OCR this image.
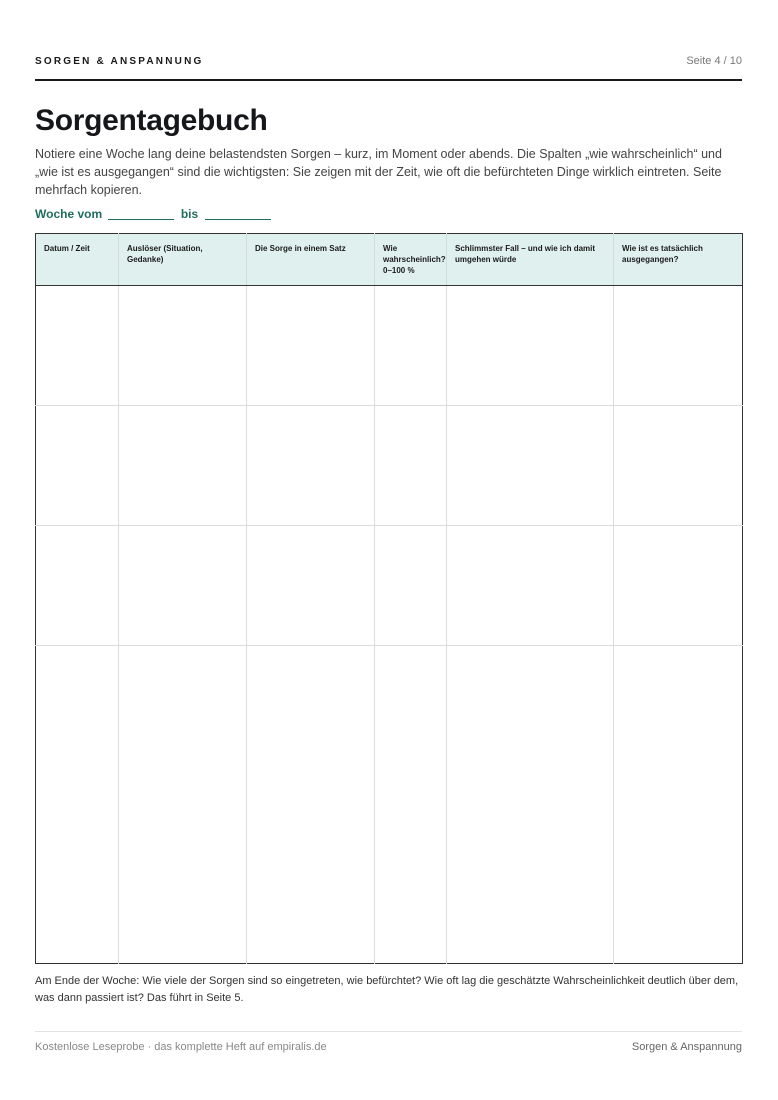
SORGEN & ANSPANNUNG	Seite 4 / 10
Sorgentagebuch

Notiere eine Woche lang deine belastendsten Sorgen – kurz, im Moment oder abends. Die Spalten „wie wahrscheinlich“ und „wie ist es ausgegangen“ sind die wichtigsten: Sie zeigen mit der Zeit, wie oft die befürchteten Dinge wirklich eintreten. Seite mehrfach kopieren.

Woche vom	bis
Datum / Zeit	Auslöser (Situation, Gedanke)	Die Sorge in einem Satz	Wie wahrscheinlich? 0–100 %	Schlimmster Fall – und wie ich damit umgehen würde	Wie ist es tatsächlich ausgegangen?

Am Ende der Woche: Wie viele der Sorgen sind so eingetreten, wie befürchtet? Wie oft lag die geschätzte Wahrscheinlichkeit deutlich über dem, was dann passiert ist? Das führt in Seite 5.

Kostenlose Leseprobe · das komplette Heft auf empiralis.de	Sorgen & Anspannung
